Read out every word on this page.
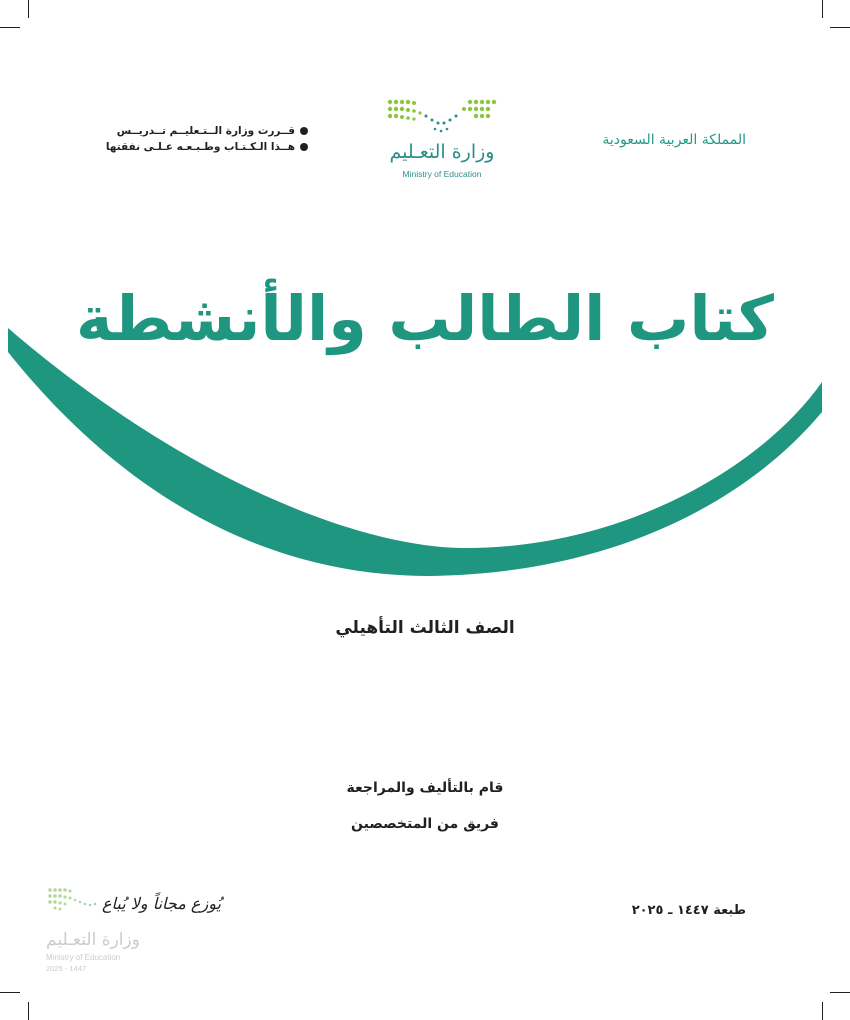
المملكة العربية السعودية
وزارة التعـليم
Ministry of Education
قــررت وزارة الــتـعليــم تــدريــس
هــذا الـكـتـاب وطـبـعـه عـلـى نفقتها
كتاب الطالب والأنشطة
لمعاهد وبرامج التربية الفكرية
الصف الثالث التأهيلي
قام بالتأليف والمراجعة
فريق من المتخصصين
طبعة ١٤٤٧ ـ ٢٠٢٥
يُوزع مجاناً ولا يُباع
وزارة التعـليم
Ministry of Education
2025 - 1447
